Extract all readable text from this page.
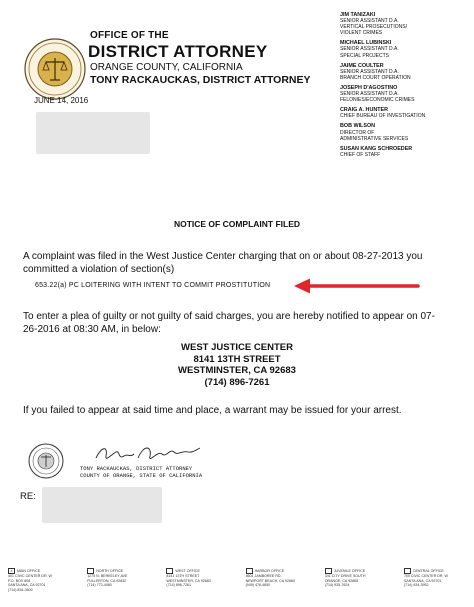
OFFICE OF THE
DISTRICT ATTORNEY
ORANGE COUNTY, CALIFORNIA
TONY RACKAUCKAS, DISTRICT ATTORNEY
JUNE 14, 2016
JIM TANIZAKI
SENIOR ASSISTANT D.A.
VERTICAL PROSECUTIONS/
VIOLENT CRIMES
MICHAEL LUBINSKI
SENIOR ASSISTANT D.A.
SPECIAL PROJECTS
JAIME COULTER
SENIOR ASSISTANT D.A.
BRANCH COURT OPERATION
JOSEPH D'AGOSTINO
SENIOR ASSISTANT D.A.
FELONIES/ECONOMIC CRIMES
CRAIG A. HUNTER
CHIEF BUREAU OF INVESTIGATION
BOB WILSON
DIRECTOR OF
ADMINISTRATIVE SERVICES
SUSAN KANG SCHROEDER
CHIEF OF STAFF
NOTICE OF COMPLAINT FILED
A complaint was filed in the West Justice Center charging that on or about 08-27-2013 you committed a violation of section(s)
653.22(a) PC LOITERING WITH INTENT TO COMMIT PROSTITUTION
To enter a plea of guilty or not guilty of said charges, you are hereby notified to appear on 07-26-2016 at 08:30 AM, in below:
WEST JUSTICE CENTER
8141 13TH STREET
WESTMINSTER, CA 92683
(714) 896-7261
If you failed to appear at said time and place, a warrant may be issued for your arrest.
TONY RACKAUCKAS, DISTRICT ATTORNEY
COUNTY OF ORANGE, STATE OF CALIFORNIA
RE:
x	MAIN OFFICE
401 CIVIC CENTER DR. W
P.O. BOX 808
SANTA ANA, CA 92701
(714) 834-3600
NORTH OFFICE
1275 N. BERKELEY AVE
FULLERTON, CA 92832
(714) 773-4480
WEST OFFICE
8141 13TH STREET
WESTMINSTER, CA 92683
(714) 896-7261
HARBOR OFFICE
4601 JAMBOREE RD.
NEWPORT BEACH, CA 92660
(949) 476-4650
JUVENILE OFFICE
341 CITY DRIVE SOUTH
ORANGE, CA 92868
(714) 935-7624
CENTRAL OFFICE
700 CIVIC CENTER DR. W
SANTA ANA, CA 92701
(714) 834-3952
